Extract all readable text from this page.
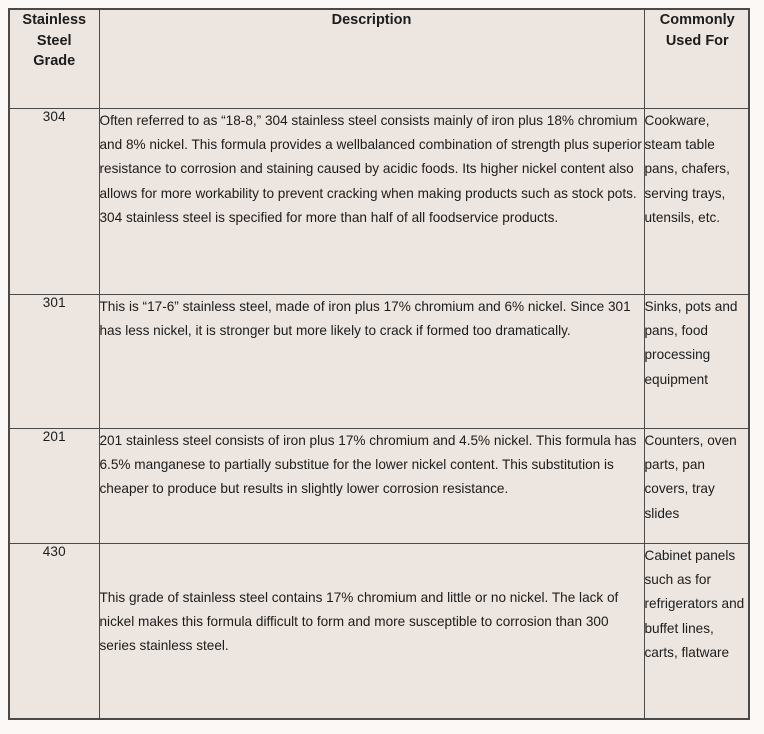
Stainless Steel Grade	Description	Commonly Used For
304	Often referred to as “18-8,” 304 stainless steel consists mainly of iron plus 18% chromium and 8% nickel. This formula provides a wellbalanced combination of strength plus superior resistance to corrosion and staining caused by acidic foods. Its higher nickel content also allows for more workability to prevent cracking when making products such as stock pots. 304 stainless steel is specified for more than half of all foodservice products.	Cookware, steam table pans, chafers, serving trays, utensils, etc.
301	This is “17-6” stainless steel, made of iron plus 17% chromium and 6% nickel. Since 301 has less nickel, it is stronger but more likely to crack if formed too dramatically.	Sinks, pots and pans, food processing equipment
201	201 stainless steel consists of iron plus 17% chromium and 4.5% nickel. This formula has 6.5% manganese to partially substitue for the lower nickel content. This substitution is cheaper to produce but results in slightly lower corrosion resistance.	Counters, oven parts, pan covers, tray slides
430	This grade of stainless steel contains 17% chromium and little or no nickel. The lack of nickel makes this formula difficult to form and more susceptible to corrosion than 300 series stainless steel.	Cabinet panels such as for refrigerators and buffet lines, carts, flatware
